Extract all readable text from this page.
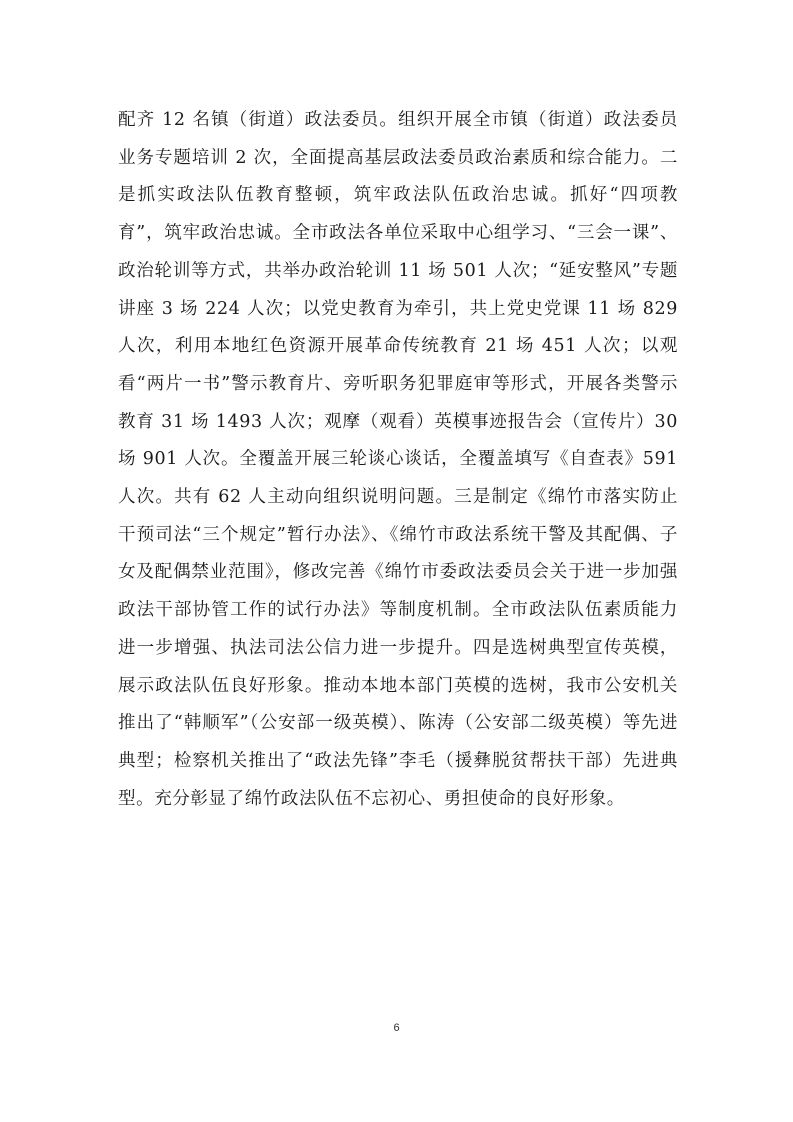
配齐 12 名镇（街道）政法委员。组织开展全市镇（街道）政法委员业务专题培训 2 次，全面提高基层政法委员政治素质和综合能力。二是抓实政法队伍教育整顿，筑牢政法队伍政治忠诚。抓好“四项教育”，筑牢政治忠诚。全市政法各单位采取中心组学习、“三会一课”、政治轮训等方式，共举办政治轮训 11 场 501 人次；“延安整风”专题讲座 3 场 224 人次；以党史教育为牵引，共上党史党课 11 场 829 人次，利用本地红色资源开展革命传统教育 21 场 451 人次；以观看“两片一书”警示教育片、旁听职务犯罪庭审等形式，开展各类警示教育 31 场 1493 人次；观摩（观看）英模事迹报告会（宣传片）30 场 901 人次。全覆盖开展三轮谈心谈话，全覆盖填写《自查表》591 人次。共有 62 人主动向组织说明问题。三是制定《绵竹市落实防止干预司法“三个规定”暂行办法》、《绵竹市政法系统干警及其配偶、子女及配偶禁业范围》，修改完善《绵竹市委政法委员会关于进一步加强政法干部协管工作的试行办法》等制度机制。全市政法队伍素质能力进一步增强、执法司法公信力进一步提升。四是选树典型宣传英模，展示政法队伍良好形象。推动本地本部门英模的选树，我市公安机关推出了“韩顺军”（公安部一级英模）、陈涛（公安部二级英模）等先进典型；检察机关推出了“政法先锋”李毛（援彝脱贫帮扶干部）先进典型。充分彰显了绵竹政法队伍不忘初心、勇担使命的良好形象。

6
